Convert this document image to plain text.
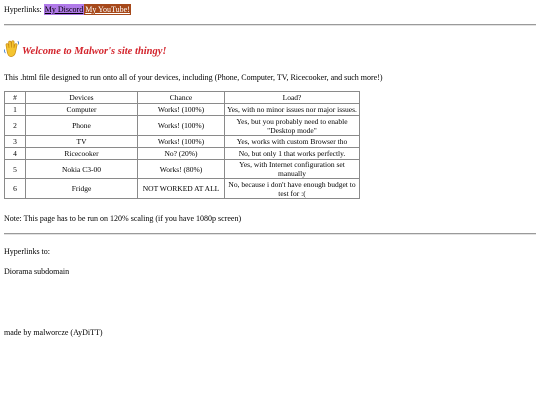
Hyperlinks: My Discord My YouTube!
Welcome to Malwor's site thingy!
This .html file designed to run onto all of your devices, including (Phone, Computer, TV, Ricecooker, and such more!)
#	Devices	Chance	Load?
1	Computer	Works! (100%)	Yes, with no minor issues nor major issues.
2	Phone	Works! (100%)	Yes, but you probably need to enable "Desktop mode"
3	TV	Works! (100%)	Yes, works with custom Browser tho
4	Ricecooker	No? (20%)	No, but only 1 that works perfectly.
5	Nokia C3-00	Works! (80%)	Yes, with Internet configuration set manually
6	Fridge	NOT WORKED AT ALL	No, because i don't have enough budget to test for :(
Note: This page has to be run on 120% scaling (if you have 1080p screen)
Hyperlinks to:
Diorama subdomain
made by malworcze (AyDiTT)
